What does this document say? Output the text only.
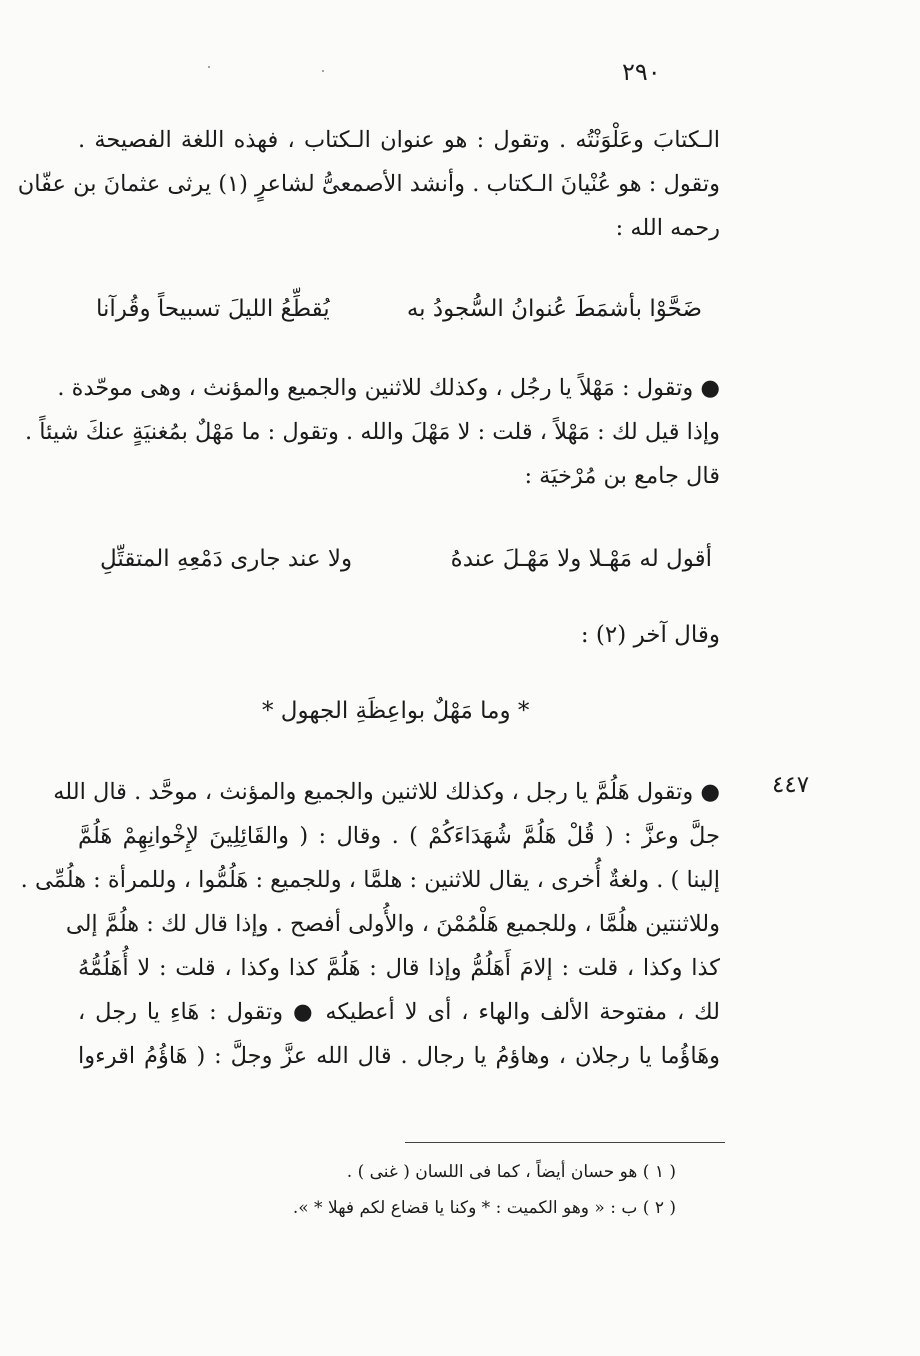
٢٩٠
الـكتابَ وعَلْوَنْتُه . وتقول : هو عنوان الـكتاب ، فهذه اللغة الفصيحة .
وتقول : هو عُنْيانَ الـكتاب . وأنشد الأصمعىُّ لشاعرٍ (١) يرثى عثمانَ بن عفّان
رحمه الله :
ضَحَّوْا بأشمَطَ عُنوانُ السُّجودُ به
يُقطِّعُ الليلَ تسبيحاً وقُرآنا
● وتقول : مَهْلاً يا رجُل ، وكذلك للاثنين والجميع والمؤنث ، وهى موحّدة .
وإذا قيل لك : مَهْلاً ، قلت : لا مَهْلَ والله . وتقول : ما مَهْلٌ بمُغنيَةٍ عنكَ شيئاً .
قال جامع بن مُرْخيَة :
أقول له مَهْـلا ولا مَهْـلَ عندهُ
ولا عند جارى دَمْعِهِ المتقتِّلِ
وقال آخر (٢) :
* وما مَهْلٌ بواعِظَةِ الجهول *
٤٤٧
● وتقول هَلُمَّ يا رجل ، وكذلك للاثنين والجميع والمؤنث ، موحَّد . قال الله
جلَّ وعزَّ : ( قُلْ هَلُمَّ شُهَدَاءَكُمْ ) . وقال : ( والقَائِلِينَ لإِخْوانِهِمْ هَلُمَّ
إلينا ) . ولغةٌ أُخرى ، يقال للاثنين : هلمَّا ، وللجميع : هَلُمُّوا ، وللمرأة : هلُمِّى .
وللاثنتين هلُمَّا ، وللجميع هَلْمُمْنَ ، والأُولى أفصح . وإذا قال لك : هلُمَّ إلى
كذا وكذا ، قلت : إلامَ أَهَلُمُّ وإذا قال : هَلُمَّ كذا وكذا ، قلت : لا أُهَلُمُّهُ
لك ، مفتوحة الألف والهاء ، أى لا أعطيكه ● وتقول : هَاءِ يا رجل ،
وهَاؤُما يا رجلان ، وهاؤمُ يا رجال . قال الله عزَّ وجلَّ : ( هَاؤُمُ اقرءوا
( ١ ) هو حسان أيضاً ، كما فى اللسان ( غنى ) .
( ٢ ) ب : « وهو الكميت : * وكنا يا قضاع لكم فهلا * ».
